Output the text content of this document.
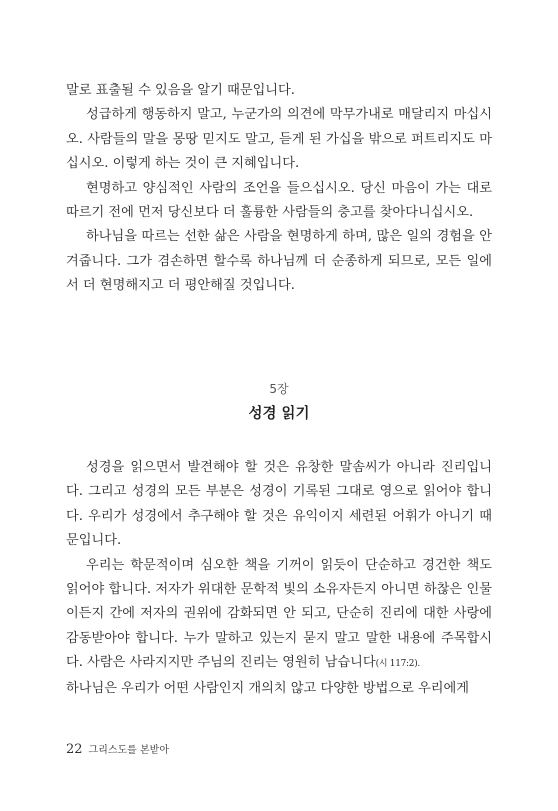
말로 표출될 수 있음을 알기 때문입니다.

성급하게 행동하지 말고, 누군가의 의견에 막무가내로 매달리지 마십시오. 사람들의 말을 몽땅 믿지도 말고, 듣게 된 가십을 밖으로 퍼트리지도 마십시오. 이렇게 하는 것이 큰 지혜입니다.

현명하고 양심적인 사람의 조언을 들으십시오. 당신 마음이 가는 대로 따르기 전에 먼저 당신보다 더 훌륭한 사람들의 충고를 찾아다니십시오.

하나님을 따르는 선한 삶은 사람을 현명하게 하며, 많은 일의 경험을 안겨줍니다. 그가 겸손하면 할수록 하나님께 더 순종하게 되므로, 모든 일에서 더 현명해지고 더 평안해질 것입니다.

5장

성경 읽기

성경을 읽으면서 발견해야 할 것은 유창한 말솜씨가 아니라 진리입니다. 그리고 성경의 모든 부분은 성경이 기록된 그대로 영으로 읽어야 합니다. 우리가 성경에서 추구해야 할 것은 유익이지 세련된 어휘가 아니기 때문입니다.

우리는 학문적이며 심오한 책을 기꺼이 읽듯이 단순하고 경건한 책도 읽어야 합니다. 저자가 위대한 문학적 빛의 소유자든지 아니면 하찮은 인물이든지 간에 저자의 권위에 감화되면 안 되고, 단순히 진리에 대한 사랑에 감동받아야 합니다. 누가 말하고 있는지 묻지 말고 말한 내용에 주목합시다. 사람은 사라지지만 주님의 진리는 영원히 남습니다(시 117:2).

하나님은 우리가 어떤 사람인지 개의치 않고 다양한 방법으로 우리에게

22 그리스도를 본받아
